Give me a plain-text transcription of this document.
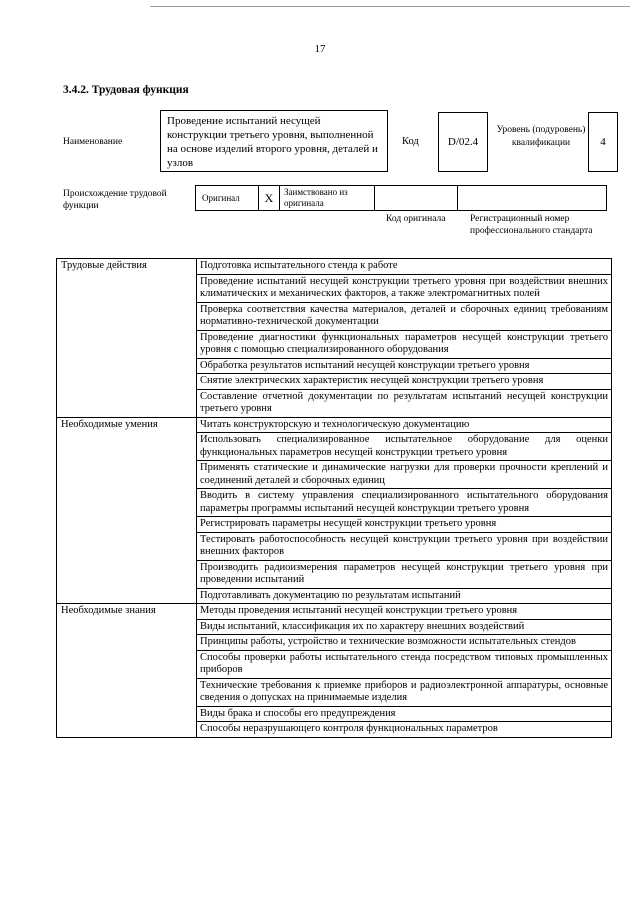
17
3.4.2. Трудовая функция
Наименование
Проведение испытаний несущей конструкции третьего уровня, выполненной на основе изделий второго уровня, деталей и узлов
Код	D/02.4
Уровень (подуровень) квалификации	4
Происхождение трудовой функции
Оригинал	X	Заимствовано из оригинала
Код оригинала	Регистрационный номер профессионального стандарта
Трудовые действия	Подготовка испытательного стенда к работе
	Проведение испытаний несущей конструкции третьего уровня при воздействии внешних климатических и механических факторов, а также электромагнитных полей
	Проверка соответствия качества материалов, деталей и сборочных единиц требованиям нормативно-технической документации
	Проведение диагностики функциональных параметров несущей конструкции третьего уровня с помощью специализированного оборудования
	Обработка результатов испытаний несущей конструкции третьего уровня
	Снятие электрических характеристик несущей конструкции третьего уровня
	Составление отчетной документации по результатам испытаний несущей конструкции третьего уровня
Необходимые умения	Читать конструкторскую и технологическую документацию
	Использовать специализированное испытательное оборудование для оценки функциональных параметров несущей конструкции третьего уровня
	Применять статические и динамические нагрузки для проверки прочности креплений и соединений деталей и сборочных единиц
	Вводить в систему управления специализированного испытательного оборудования параметры программы испытаний несущей конструкции третьего уровня
	Регистрировать параметры несущей конструкции третьего уровня
	Тестировать работоспособность несущей конструкции третьего уровня при воздействии внешних факторов
	Производить радиоизмерения параметров несущей конструкции третьего уровня при проведении испытаний
	Подготавливать документацию по результатам испытаний
Необходимые знания	Методы проведения испытаний несущей конструкции третьего уровня
	Виды испытаний, классификация их по характеру внешних воздействий
	Принципы работы, устройство и технические возможности испытательных стендов
	Способы проверки работы испытательного стенда посредством типовых промышленных приборов
	Технические требования к приемке приборов и радиоэлектронной аппаратуры, основные сведения о допусках на принимаемые изделия
	Виды брака и способы его предупреждения
	Способы неразрушающего контроля функциональных параметров
